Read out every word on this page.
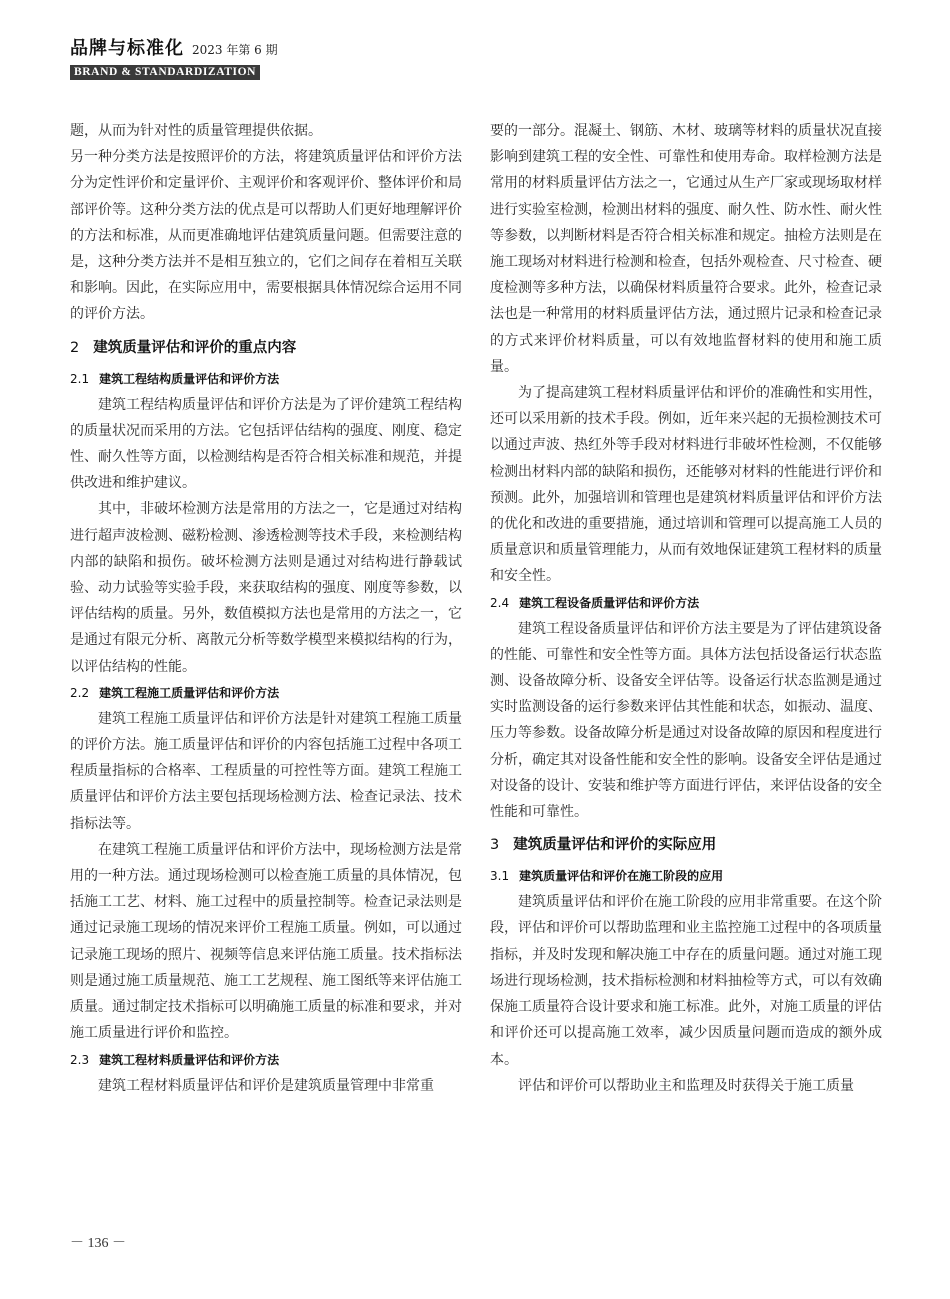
品牌与标准化 2023 年第 6 期
BRAND & STANDARDIZATION

题，从而为针对性的质量管理提供依据。

另一种分类方法是按照评价的方法，将建筑质量评估和评价方法分为定性评价和定量评价、主观评价和客观评价、整体评价和局部评价等。这种分类方法的优点是可以帮助人们更好地理解评价的方法和标准，从而更准确地评估建筑质量问题。但需要注意的是，这种分类方法并不是相互独立的，它们之间存在着相互关联和影响。因此，在实际应用中，需要根据具体情况综合运用不同的评价方法。

2 建筑质量评估和评价的重点内容
2.1 建筑工程结构质量评估和评价方法

建筑工程结构质量评估和评价方法是为了评价建筑工程结构的质量状况而采用的方法。它包括评估结构的强度、刚度、稳定性、耐久性等方面，以检测结构是否符合相关标准和规范，并提供改进和维护建议。

其中，非破坏检测方法是常用的方法之一，它是通过对结构进行超声波检测、磁粉检测、渗透检测等技术手段，来检测结构内部的缺陷和损伤。破坏检测方法则是通过对结构进行静载试验、动力试验等实验手段，来获取结构的强度、刚度等参数，以评估结构的质量。另外，数值模拟方法也是常用的方法之一，它是通过有限元分析、离散元分析等数学模型来模拟结构的行为，以评估结构的性能。

2.2 建筑工程施工质量评估和评价方法

建筑工程施工质量评估和评价方法是针对建筑工程施工质量的评价方法。施工质量评估和评价的内容包括施工过程中各项工程质量指标的合格率、工程质量的可控性等方面。建筑工程施工质量评估和评价方法主要包括现场检测方法、检查记录法、技术指标法等。

在建筑工程施工质量评估和评价方法中，现场检测方法是常用的一种方法。通过现场检测可以检查施工质量的具体情况，包括施工工艺、材料、施工过程中的质量控制等。检查记录法则是通过记录施工现场的情况来评价工程施工质量。例如，可以通过记录施工现场的照片、视频等信息来评估施工质量。技术指标法则是通过施工质量规范、施工工艺规程、施工图纸等来评估施工质量。通过制定技术指标可以明确施工质量的标准和要求，并对施工质量进行评价和监控。

2.3 建筑工程材料质量评估和评价方法

建筑工程材料质量评估和评价是建筑质量管理中非常重

要的一部分。混凝土、钢筋、木材、玻璃等材料的质量状况直接影响到建筑工程的安全性、可靠性和使用寿命。取样检测方法是常用的材料质量评估方法之一，它通过从生产厂家或现场取材样进行实验室检测，检测出材料的强度、耐久性、防水性、耐火性等参数，以判断材料是否符合相关标准和规定。抽检方法则是在施工现场对材料进行检测和检查，包括外观检查、尺寸检查、硬度检测等多种方法，以确保材料质量符合要求。此外，检查记录法也是一种常用的材料质量评估方法，通过照片记录和检查记录的方式来评价材料质量，可以有效地监督材料的使用和施工质量。

为了提高建筑工程材料质量评估和评价的准确性和实用性，还可以采用新的技术手段。例如，近年来兴起的无损检测技术可以通过声波、热红外等手段对材料进行非破坏性检测，不仅能够检测出材料内部的缺陷和损伤，还能够对材料的性能进行评价和预测。此外，加强培训和管理也是建筑材料质量评估和评价方法的优化和改进的重要措施，通过培训和管理可以提高施工人员的质量意识和质量管理能力，从而有效地保证建筑工程材料的质量和安全性。

2.4 建筑工程设备质量评估和评价方法

建筑工程设备质量评估和评价方法主要是为了评估建筑设备的性能、可靠性和安全性等方面。具体方法包括设备运行状态监测、设备故障分析、设备安全评估等。设备运行状态监测是通过实时监测设备的运行参数来评估其性能和状态，如振动、温度、压力等参数。设备故障分析是通过对设备故障的原因和程度进行分析，确定其对设备性能和安全性的影响。设备安全评估是通过对设备的设计、安装和维护等方面进行评估，来评估设备的安全性能和可靠性。

3 建筑质量评估和评价的实际应用
3.1 建筑质量评估和评价在施工阶段的应用

建筑质量评估和评价在施工阶段的应用非常重要。在这个阶段，评估和评价可以帮助监理和业主监控施工过程中的各项质量指标，并及时发现和解决施工中存在的质量问题。通过对施工现场进行现场检测，技术指标检测和材料抽检等方式，可以有效确保施工质量符合设计要求和施工标准。此外，对施工质量的评估和评价还可以提高施工效率，减少因质量问题而造成的额外成本。

评估和评价可以帮助业主和监理及时获得关于施工质量

－ 136 －
